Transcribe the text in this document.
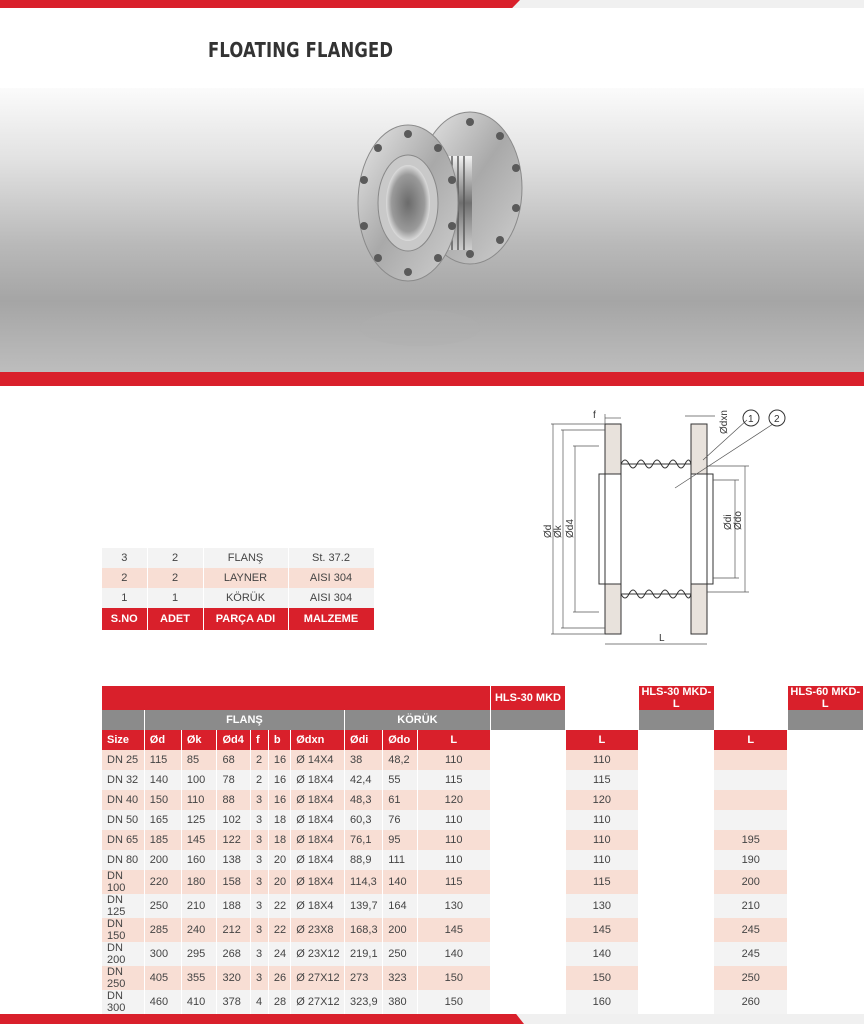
FLOATING FLANGED
3	2	FLANŞ	St. 37.2
2	2	LAYNER	AISI 304
1	1	KÖRÜK	AISI 304
S.NO	ADET	PARÇA ADI	MALZEME
f	Ødxn
Ød Øk Ød4	Ødi Ødo
L
1 2
										HLS-30 MKD		HLS-30 MKD-L		HLS-60 MKD-L
	FLANŞ						KÖRÜK							
Size	Ød	Øk	Ød4	f	b	Ødxn	Ødi	Ødo	L		L		L	
DN 25	115	85	68	2	16	Ø 14X4	38	48,2	110		110			
DN 32	140	100	78	2	16	Ø 18X4	42,4	55	115		115			
DN 40	150	110	88	3	16	Ø 18X4	48,3	61	120		120			
DN 50	165	125	102	3	18	Ø 18X4	60,3	76	110		110			
DN 65	185	145	122	3	18	Ø 18X4	76,1	95	110		110		195	
DN 80	200	160	138	3	20	Ø 18X4	88,9	111	110		110		190	
DN 100	220	180	158	3	20	Ø 18X4	114,3	140	115		115		200	
DN 125	250	210	188	3	22	Ø 18X4	139,7	164	130		130		210	
DN 150	285	240	212	3	22	Ø 23X8	168,3	200	145		145		245	
DN 200	300	295	268	3	24	Ø 23X12	219,1	250	140		140		245	
DN 250	405	355	320	3	26	Ø 27X12	273	323	150		150		250	
DN 300	460	410	378	4	28	Ø 27X12	323,9	380	150		160		260	
